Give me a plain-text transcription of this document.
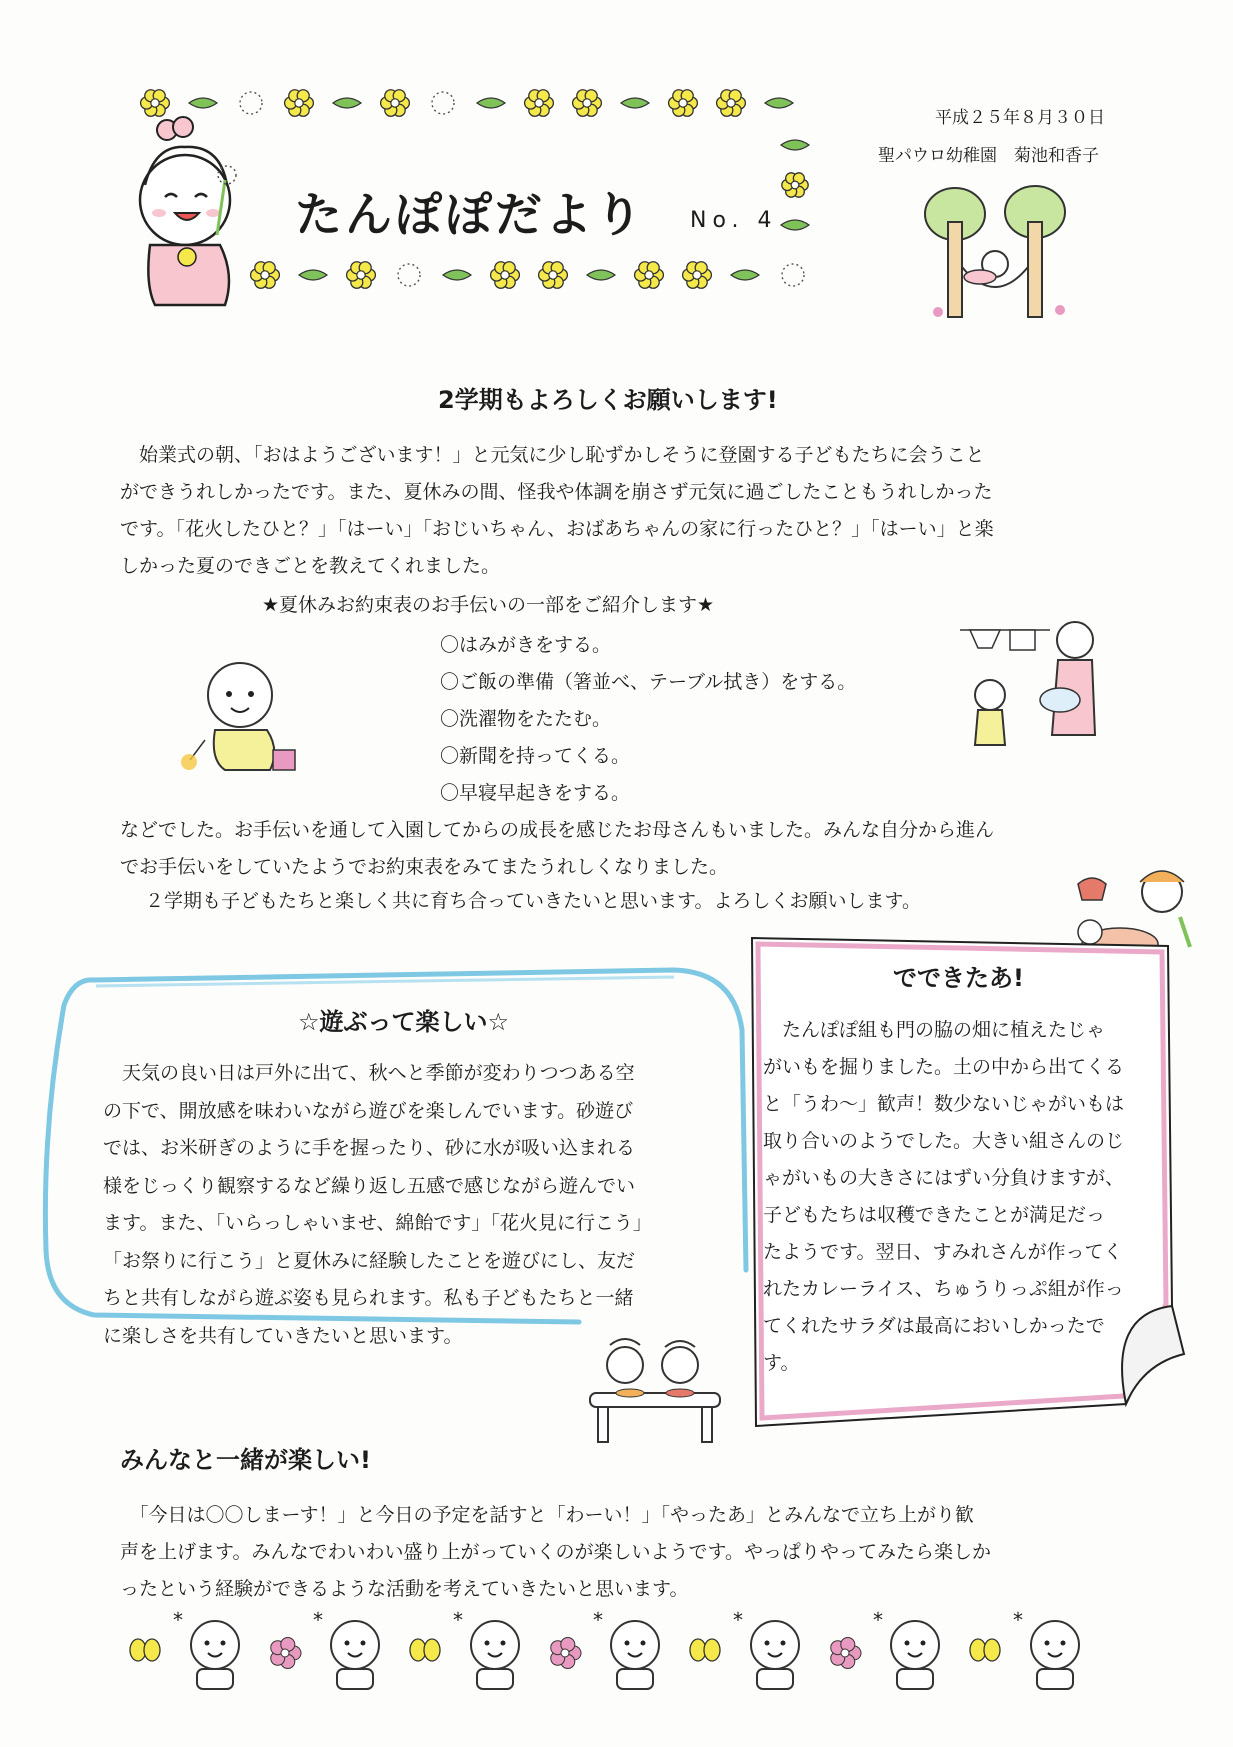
たんぽぽだより No. 4
平成２５年８月３０日
聖パウロ幼稚園　菊池和香子
2学期もよろしくお願いします!

　始業式の朝、「おはようございます！」と元気に少し恥ずかしそうに登園する子どもたちに会うこと

ができうれしかったです。また、夏休みの間、怪我や体調を崩さず元気に過ごしたこともうれしかった

です。「花火したひと？」「はーい」「おじいちゃん、おばあちゃんの家に行ったひと？」「はーい」と楽

しかった夏のできごとを教えてくれました。

★夏休みお約束表のお手伝いの一部をご紹介します★
〇はみがきをする。
〇ご飯の準備（箸並べ、テーブル拭き）をする。
〇洗濯物をたたむ。
〇新聞を持ってくる。
〇早寝早起きをする。

などでした。お手伝いを通して入園してからの成長を感じたお母さんもいました。みんな自分から進ん

でお手伝いをしていたようでお約束表をみてまたうれしくなりました。

２学期も子どもたちと楽しく共に育ち合っていきたいと思います。よろしくお願いします。
☆遊ぶって楽しい☆

　天気の良い日は戸外に出て、秋へと季節が変わりつつある空

の下で、開放感を味わいながら遊びを楽しんでいます。砂遊び

では、お米研ぎのように手を握ったり、砂に水が吸い込まれる

様をじっくり観察するなど繰り返し五感で感じながら遊んでい

ます。また、「いらっしゃいませ、綿飴です」「花火見に行こう」

「お祭りに行こう」と夏休みに経験したことを遊びにし、友だ

ちと共有しながら遊ぶ姿も見られます。私も子どもたちと一緒

に楽しさを共有していきたいと思います。

でできたあ!

　たんぽぽ組も門の脇の畑に植えたじゃ

がいもを掘りました。土の中から出てくる

と「うわ～」歓声！数少ないじゃがいもは

取り合いのようでした。大きい組さんのじ

ゃがいもの大きさにはずい分負けますが、

子どもたちは収穫できたことが満足だっ

たようです。翌日、すみれさんが作ってく

れたカレーライス、ちゅうりっぷ組が作っ

てくれたサラダは最高においしかったで

す。

みんなと一緒が楽しい!

　「今日は〇〇しまーす！」と今日の予定を話すと「わーい！」「やったあ」とみんなで立ち上がり歓

声を上げます。みんなでわいわい盛り上がっていくのが楽しいようです。やっぱりやってみたら楽しか

ったという経験ができるような活動を考えていきたいと思います。

*	*	*	*	*	*	*
